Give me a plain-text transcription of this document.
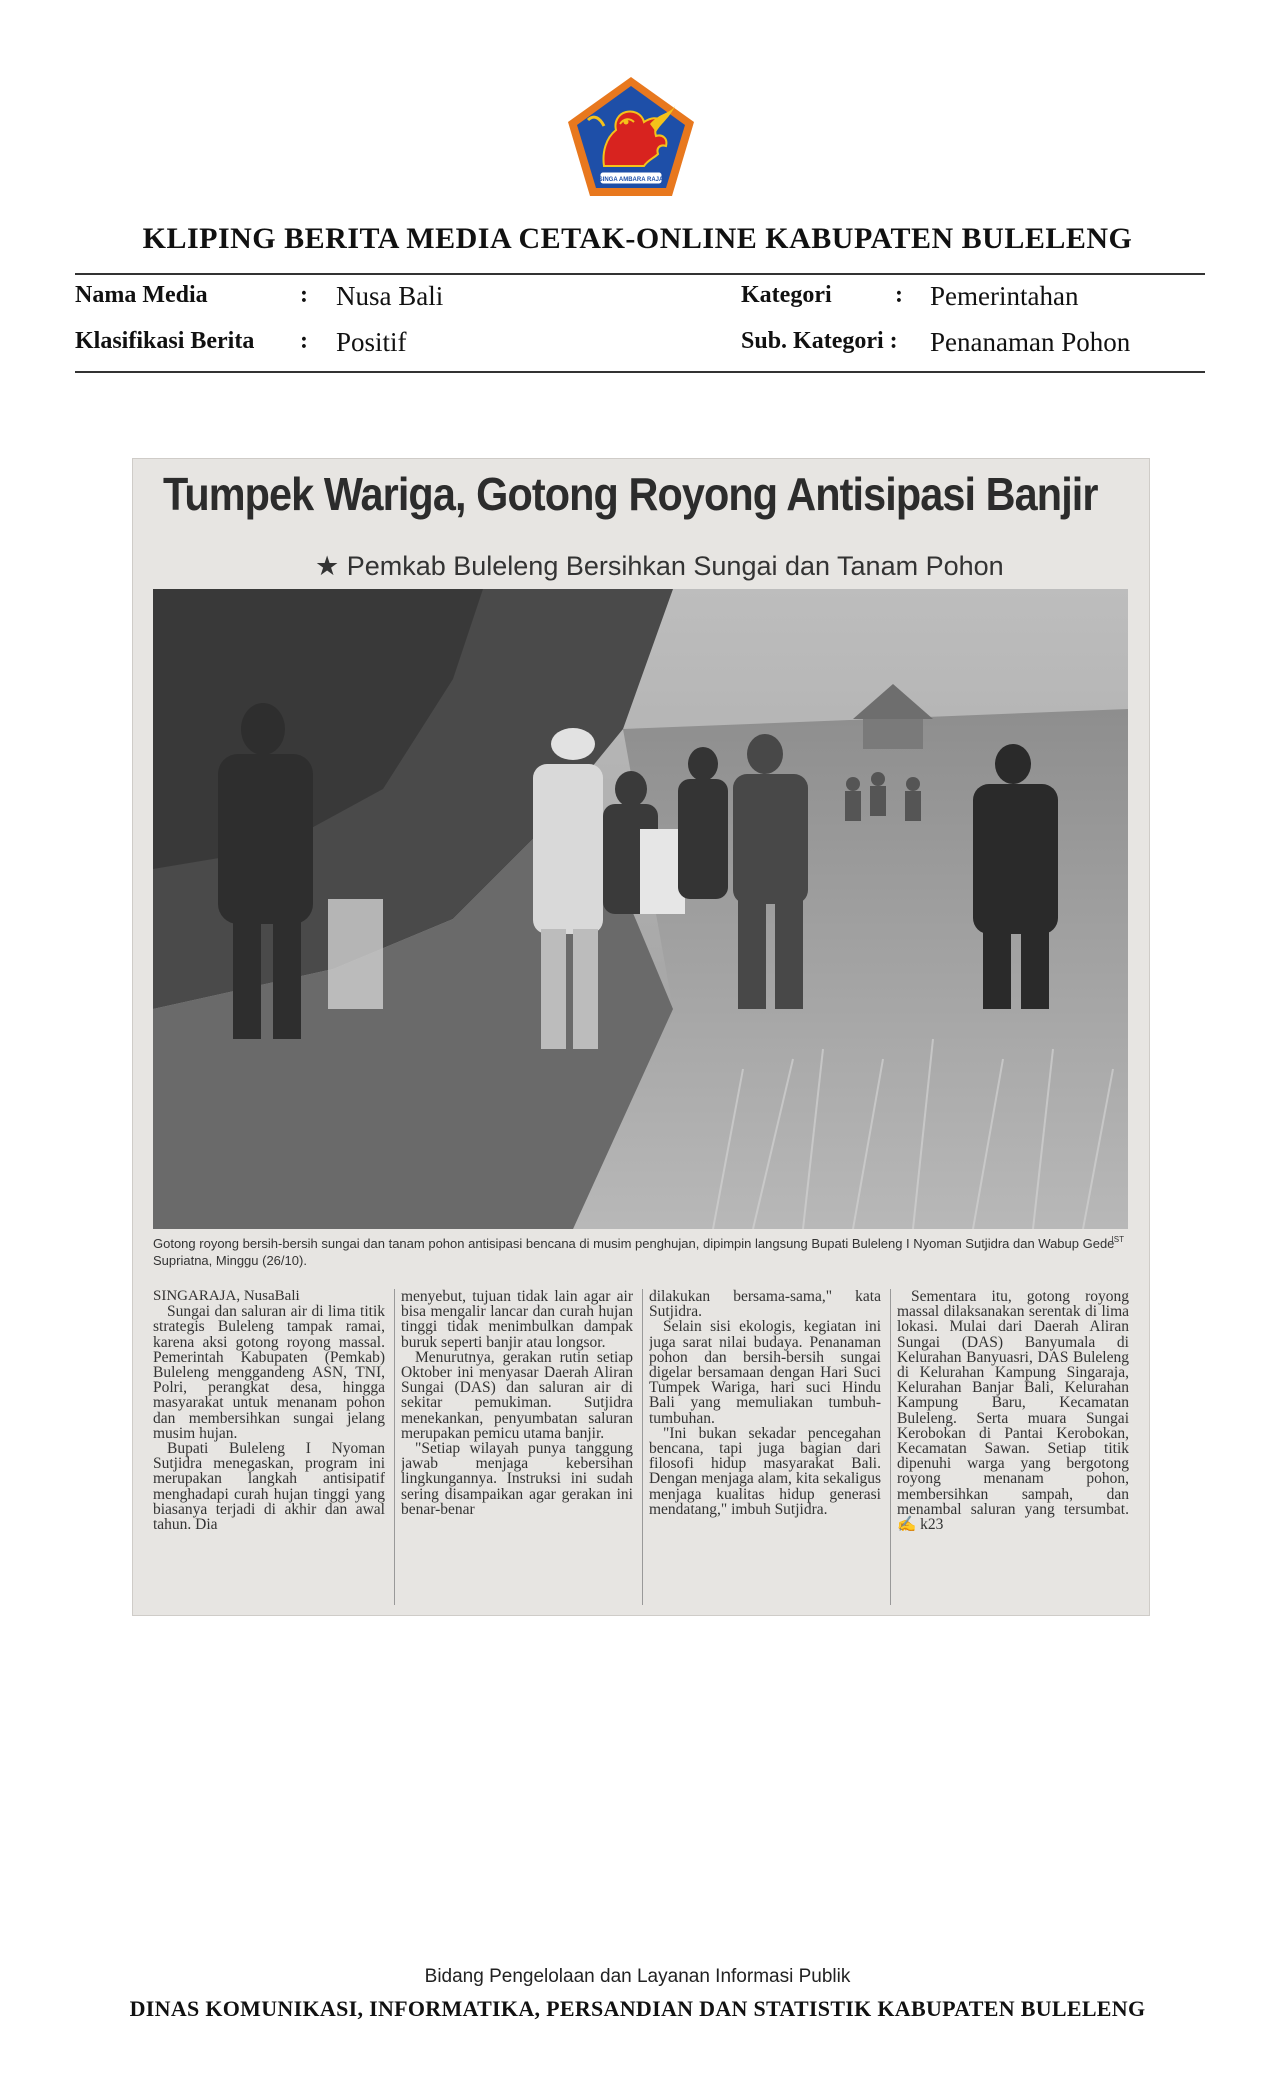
SINGA AMBARA RAJA
KLIPING BERITA MEDIA CETAK-ONLINE KABUPATEN BULELENG
Nama Media	: Nusa Bali
Klasifikasi Berita : Positif
Kategori	: Pemerintahan
Sub. Kategori : Penanaman Pohon
Tumpek Wariga, Gotong Royong Antisipasi Banjir
★ Pemkab Buleleng Bersihkan Sungai dan Tanam Pohon
Gotong royong bersih-bersih sungai dan tanam pohon antisipasi bencana di musim penghujan, dipimpin langsung Bupati Buleleng I Nyoman Sutjidra dan Wabup Gede Supriatna, Minggu (26/10).
IST

SINGARAJA, NusaBali

Sungai dan saluran air di lima titik strategis Buleleng tampak ramai, karena aksi gotong royong massal. Pemerintah Kabupaten (Pemkab) Buleleng menggandeng ASN, TNI, Polri, perangkat desa, hingga masyarakat untuk menanam pohon dan membersihkan sungai jelang musim hujan.

Bupati Buleleng I Nyoman Sutjidra menegaskan, program ini merupakan langkah antisipatif menghadapi curah hujan tinggi yang biasanya terjadi di akhir dan awal tahun. Dia

menyebut, tujuan tidak lain agar air bisa mengalir lancar dan curah hujan tinggi tidak menimbulkan dampak buruk seperti banjir atau longsor.

Menurutnya, gerakan rutin setiap Oktober ini menyasar Daerah Aliran Sungai (DAS) dan saluran air di sekitar pemukiman. Sutjidra menekankan, penyumbatan saluran merupakan pemicu utama banjir.

"Setiap wilayah punya tanggung jawab menjaga kebersihan lingkungannya. Instruksi ini sudah sering disampaikan agar gerakan ini benar-benar

dilakukan bersama-sama," kata Sutjidra.

Selain sisi ekologis, kegiatan ini juga sarat nilai budaya. Penanaman pohon dan bersih-bersih sungai digelar bersamaan dengan Hari Suci Tumpek Wariga, hari suci Hindu Bali yang memuliakan tumbuh-tumbuhan.

"Ini bukan sekadar pencegahan bencana, tapi juga bagian dari filosofi hidup masyarakat Bali. Dengan menjaga alam, kita sekaligus menjaga kualitas hidup generasi mendatang," imbuh Sutjidra.

Sementara itu, gotong royong massal dilaksanakan serentak di lima lokasi. Mulai dari Daerah Aliran Sungai (DAS) Banyumala di Kelurahan Banyuasri, DAS Buleleng di Kelurahan Kampung Singaraja, Kelurahan Banjar Bali, Kelurahan Kampung Baru, Kecamatan Buleleng. Serta muara Sungai Kerobokan di Pantai Kerobokan, Kecamatan Sawan. Setiap titik dipenuhi warga yang bergotong royong menanam pohon, membersihkan sampah, dan menambal saluran yang tersumbat. ✍ k23

Bidang Pengelolaan dan Layanan Informasi Publik
DINAS KOMUNIKASI, INFORMATIKA, PERSANDIAN DAN STATISTIK KABUPATEN BULELENG
